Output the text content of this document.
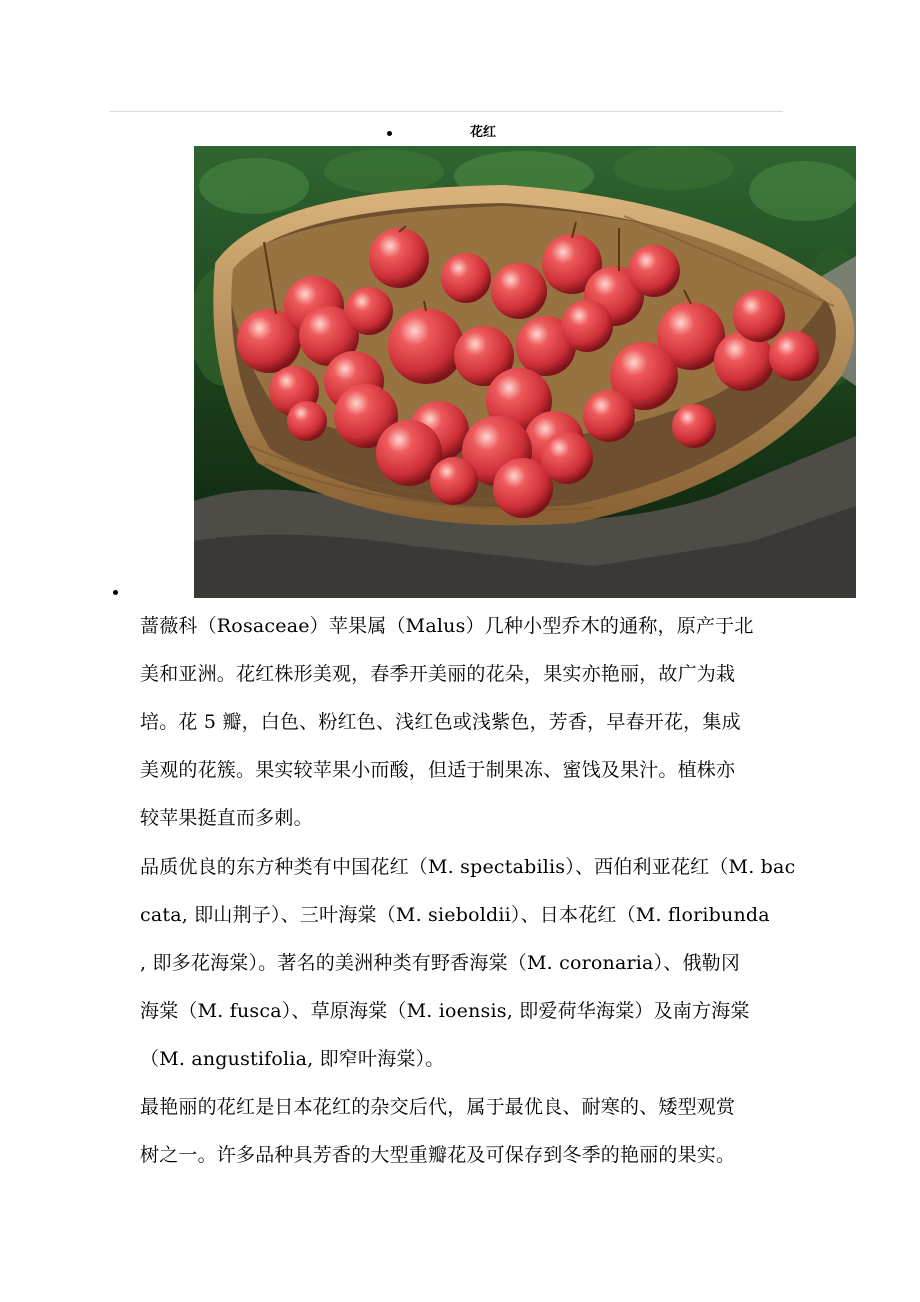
花红

蔷薇科（Rosaceae）苹果属（Malus）几种小型乔木的通称，原产于北
美和亚洲。花红株形美观，春季开美丽的花朵，果实亦艳丽，故广为栽
培。花 5 瓣，白色、粉红色、浅红色或浅紫色，芳香，早春开花，集成
美观的花簇。果实较苹果小而酸，但适于制果冻、蜜饯及果汁。植株亦
较苹果挺直而多刺。

品质优良的东方种类有中国花红（M. spectabilis）、西伯利亚花红（M. bac
cata, 即山荆子）、三叶海棠（M. sieboldii）、日本花红（M. floribunda
, 即多花海棠）。著名的美洲种类有野香海棠（M. coronaria）、俄勒冈
海棠（M. fusca）、草原海棠（M. ioensis, 即爱荷华海棠）及南方海棠
（M. angustifolia, 即窄叶海棠）。

最艳丽的花红是日本花红的杂交后代，属于最优良、耐寒的、矮型观赏
树之一。许多品种具芳香的大型重瓣花及可保存到冬季的艳丽的果实。
